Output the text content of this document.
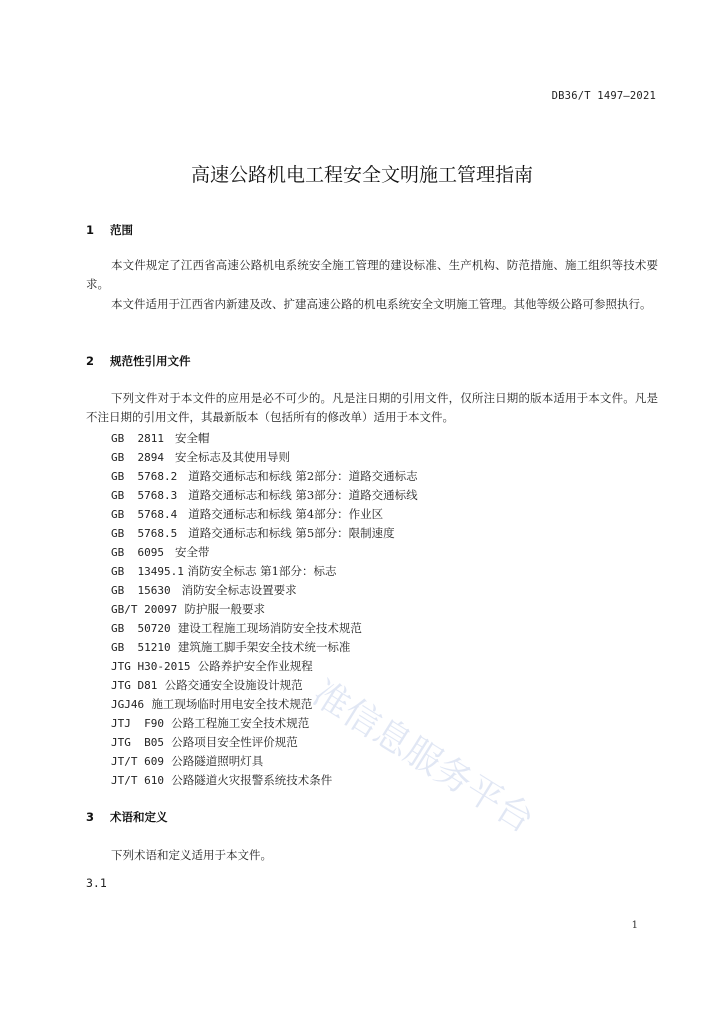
DB36/T 1497—2021
高速公路机电工程安全文明施工管理指南
1 范围
本文件规定了江西省高速公路机电系统安全施工管理的建设标准、生产机构、防范措施、施工组织等技术要求。
本文件适用于江西省内新建及改、扩建高速公路的机电系统安全文明施工管理。其他等级公路可参照执行。
2 规范性引用文件
下列文件对于本文件的应用是必不可少的。凡是注日期的引用文件，仅所注日期的版本适用于本文件。凡是不注日期的引用文件，其最新版本（包括所有的修改单）适用于本文件。
GB  2811 安全帽
GB  2894 安全标志及其使用导则
GB  5768.2 道路交通标志和标线 第2部分：道路交通标志
GB  5768.3 道路交通标志和标线 第3部分：道路交通标线
GB  5768.4 道路交通标志和标线 第4部分：作业区
GB  5768.5 道路交通标志和标线 第5部分：限制速度
GB  6095 安全带
GB  13495.1 消防安全标志 第1部分：标志
GB  15630 消防安全标志设置要求
GB/T 20097 防护服一般要求
GB  50720 建设工程施工现场消防安全技术规范
GB  51210 建筑施工脚手架安全技术统一标准
JTG H30-2015 公路养护安全作业规程
JTG D81 公路交通安全设施设计规范
JGJ46 施工现场临时用电安全技术规范
JTJ  F90 公路工程施工安全技术规范
JTG  B05 公路项目安全性评价规范
JT/T 609 公路隧道照明灯具
JT/T 610 公路隧道火灾报警系统技术条件
3 术语和定义
下列术语和定义适用于本文件。
3.1
1
准信息服务平台
